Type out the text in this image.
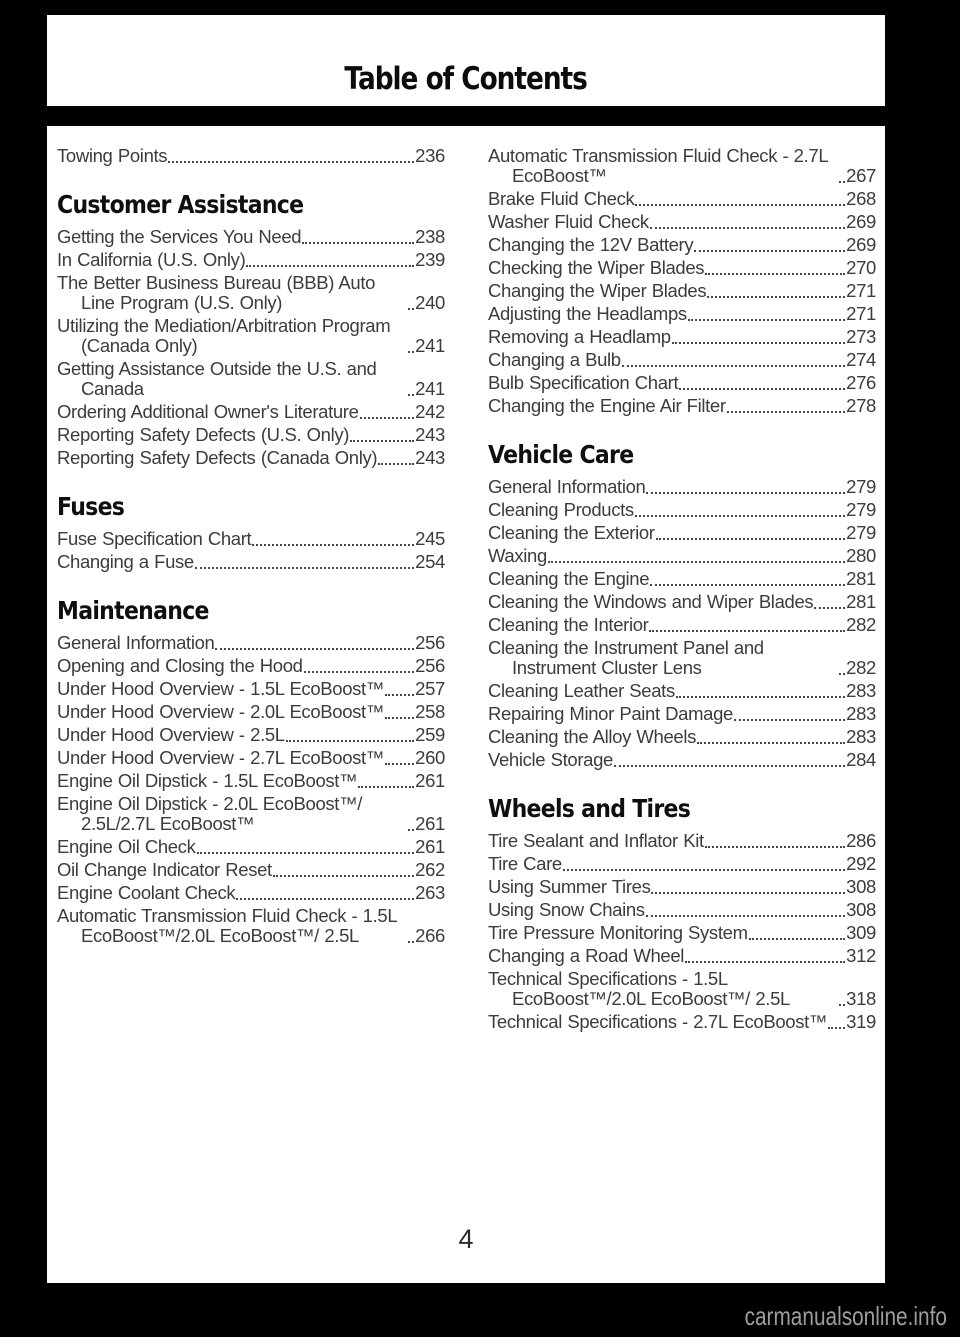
Table of Contents
Towing Points	236
Customer Assistance
Getting the Services You Need	238
In California (U.S. Only)	239
The Better Business Bureau (BBB) Auto Line Program (U.S. Only)	240
Utilizing the Mediation/Arbitration Program (Canada Only)	241
Getting Assistance Outside the U.S. and Canada	241
Ordering Additional Owner's Literature	242
Reporting Safety Defects (U.S. Only)	243
Reporting Safety Defects (Canada Only) 243
Fuses
Fuse Specification Chart	245
Changing a Fuse	254
Maintenance
General Information	256
Opening and Closing the Hood	256
Under Hood Overview - 1.5L EcoBoost™ 257
Under Hood Overview - 2.0L EcoBoost™ 258
Under Hood Overview - 2.5L	259
Under Hood Overview - 2.7L EcoBoost™ 260
Engine Oil Dipstick - 1.5L EcoBoost™	261
Engine Oil Dipstick - 2.0L EcoBoost™/ 2.5L/2.7L EcoBoost™	261
Engine Oil Check	261
Oil Change Indicator Reset	262
Engine Coolant Check	263
Automatic Transmission Fluid Check - 1.5L EcoBoost™/2.0L EcoBoost™/ 2.5L	266
Automatic Transmission Fluid Check - 2.7L EcoBoost™	267
Brake Fluid Check	268
Washer Fluid Check	269
Changing the 12V Battery	269
Checking the Wiper Blades	270
Changing the Wiper Blades	271
Adjusting the Headlamps	271
Removing a Headlamp	273
Changing a Bulb	274
Bulb Specification Chart	276
Changing the Engine Air Filter	278
Vehicle Care
General Information	279
Cleaning Products	279
Cleaning the Exterior	279
Waxing	280
Cleaning the Engine	281
Cleaning the Windows and Wiper Blades 281
Cleaning the Interior	282
Cleaning the Instrument Panel and Instrument Cluster Lens	282
Cleaning Leather Seats	283
Repairing Minor Paint Damage	283
Cleaning the Alloy Wheels	283
Vehicle Storage	284
Wheels and Tires
Tire Sealant and Inflator Kit	286
Tire Care	292
Using Summer Tires	308
Using Snow Chains	308
Tire Pressure Monitoring System	309
Changing a Road Wheel	312
Technical Specifications - 1.5L EcoBoost™/2.0L EcoBoost™/ 2.5L	318
Technical Specifications - 2.7L EcoBoost™ 319
4
carmanualsonline.info
